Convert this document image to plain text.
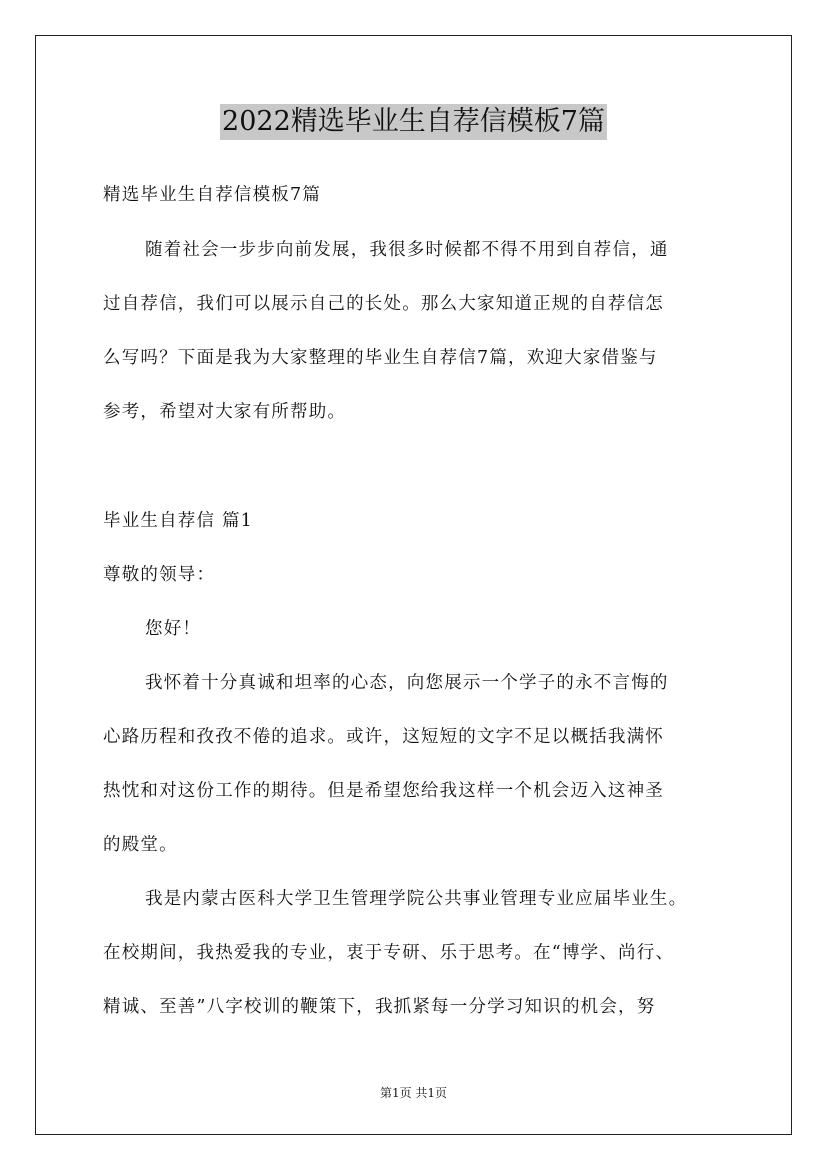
2022精选毕业生自荐信模板7篇
精选毕业生自荐信模板7篇
随着社会一步步向前发展，我很多时候都不得不用到自荐信，通
过自荐信，我们可以展示自己的长处。那么大家知道正规的自荐信怎
么写吗？下面是我为大家整理的毕业生自荐信7篇，欢迎大家借鉴与
参考，希望对大家有所帮助。
毕业生自荐信 篇1
尊敬的领导：
您好！
我怀着十分真诚和坦率的心态，向您展示一个学子的永不言悔的
心路历程和孜孜不倦的追求。或许，这短短的文字不足以概括我满怀
热忱和对这份工作的期待。但是希望您给我这样一个机会迈入这神圣
的殿堂。
我是内蒙古医科大学卫生管理学院公共事业管理专业应届毕业生。
在校期间，我热爱我的专业，衷于专研、乐于思考。在“博学、尚行、
精诚、至善”八字校训的鞭策下，我抓紧每一分学习知识的机会，努
第1页 共1页
